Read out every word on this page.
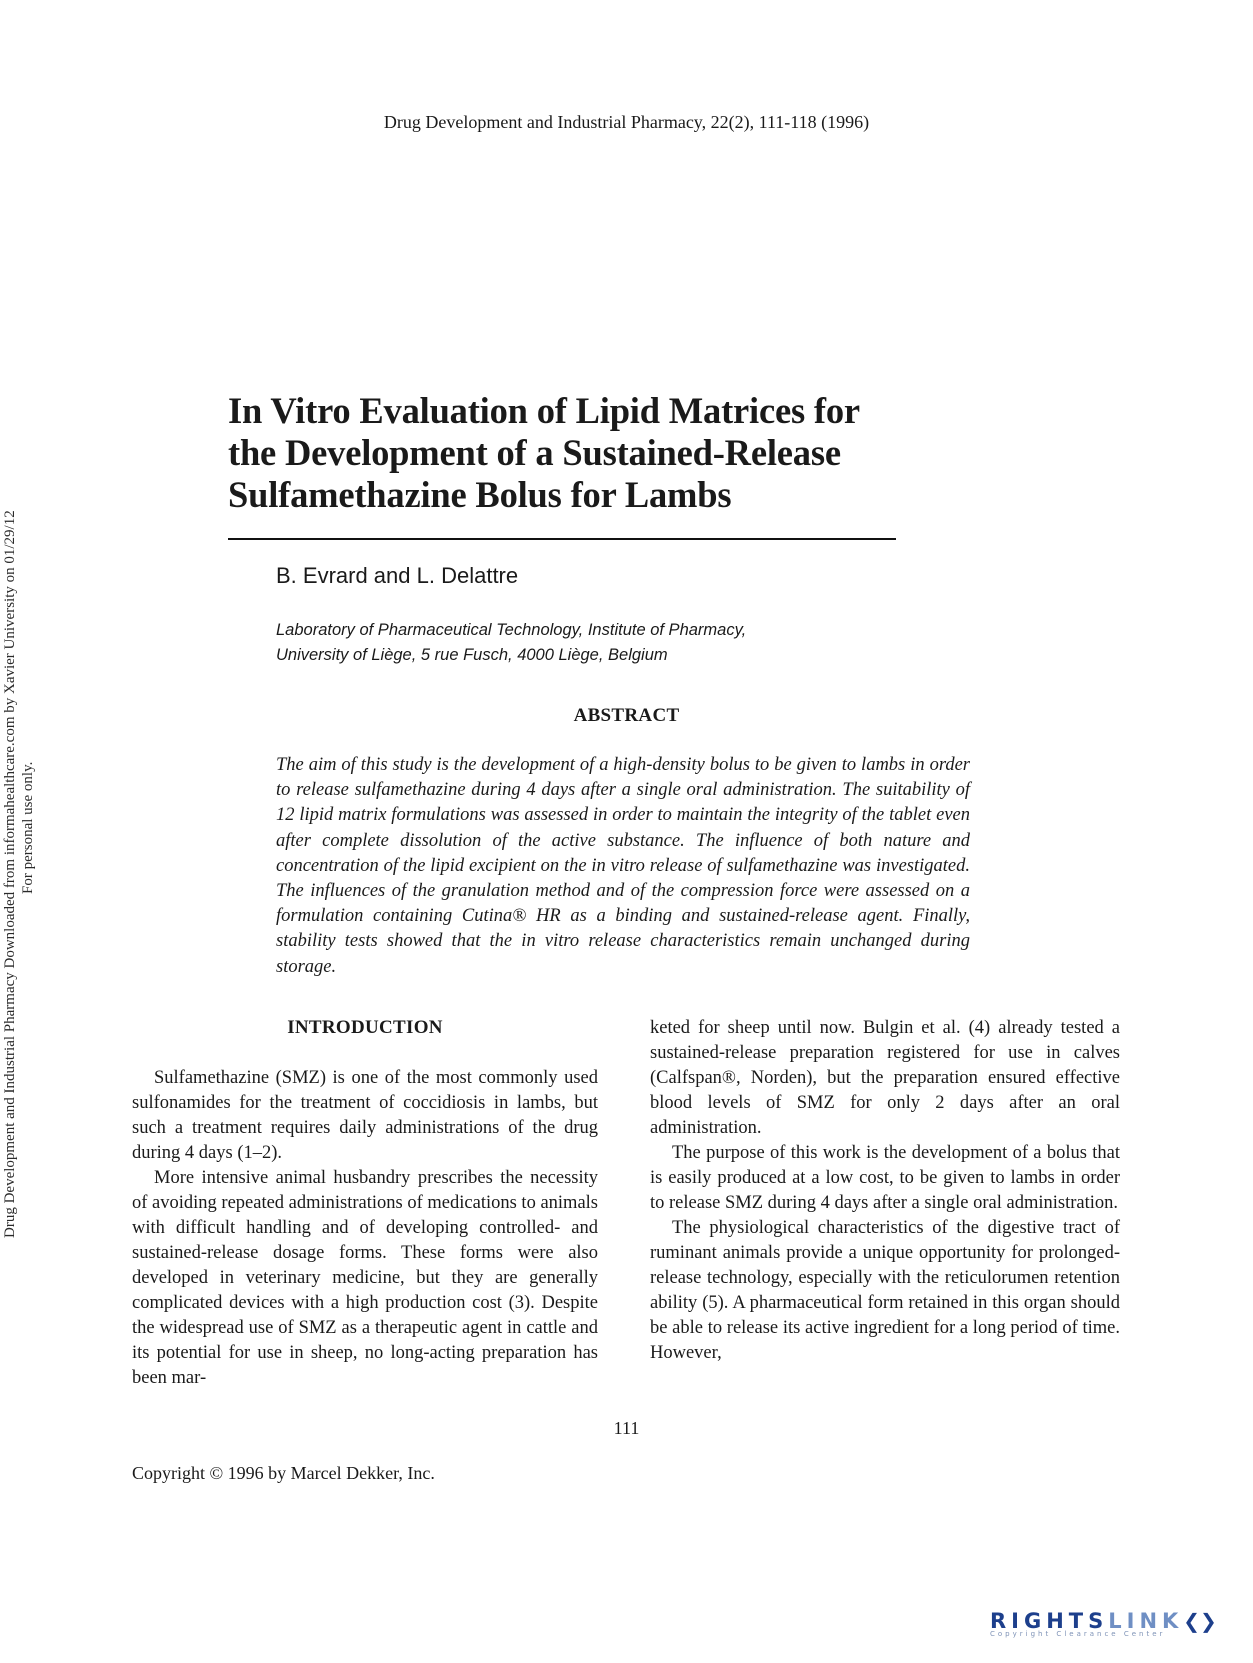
Drug Development and Industrial Pharmacy Downloaded from informahealthcare.com by Xavier University on 01/29/12 For personal use only.
Drug Development and Industrial Pharmacy, 22(2), 111-118 (1996)
In Vitro Evaluation of Lipid Matrices for
the Development of a Sustained-Release
Sulfamethazine Bolus for Lambs
B. Evrard and L. Delattre
Laboratory of Pharmaceutical Technology, Institute of Pharmacy,
University of Liège, 5 rue Fusch, 4000 Liège, Belgium
ABSTRACT
The aim of this study is the development of a high-density bolus to be given to lambs in order to release sulfamethazine during 4 days after a single oral administration. The suitability of 12 lipid matrix formulations was assessed in order to maintain the integrity of the tablet even after complete dissolution of the active substance. The influence of both nature and concentration of the lipid excipient on the in vitro release of sulfamethazine was investigated. The influences of the granulation method and of the compression force were assessed on a formulation containing Cutina® HR as a binding and sustained-release agent. Finally, stability tests showed that the in vitro release characteristics remain unchanged during storage.
INTRODUCTION

Sulfamethazine (SMZ) is one of the most commonly used sulfonamides for the treatment of coccidiosis in lambs, but such a treatment requires daily administrations of the drug during 4 days (1–2).

More intensive animal husbandry prescribes the necessity of avoiding repeated administrations of medications to animals with difficult handling and of developing controlled- and sustained-release dosage forms. These forms were also developed in veterinary medicine, but they are generally complicated devices with a high production cost (3). Despite the widespread use of SMZ as a therapeutic agent in cattle and its potential for use in sheep, no long-acting preparation has been mar-

keted for sheep until now. Bulgin et al. (4) already tested a sustained-release preparation registered for use in calves (Calfspan®, Norden), but the preparation ensured effective blood levels of SMZ for only 2 days after an oral administration.

The purpose of this work is the development of a bolus that is easily produced at a low cost, to be given to lambs in order to release SMZ during 4 days after a single oral administration.

The physiological characteristics of the digestive tract of ruminant animals provide a unique opportunity for prolonged-release technology, especially with the reticulorumen retention ability (5). A pharmaceutical form retained in this organ should be able to release its active ingredient for a long period of time. However,

111
Copyright © 1996 by Marcel Dekker, Inc.
RIGHTSLINK❮❯
Copyright Clearance Center
